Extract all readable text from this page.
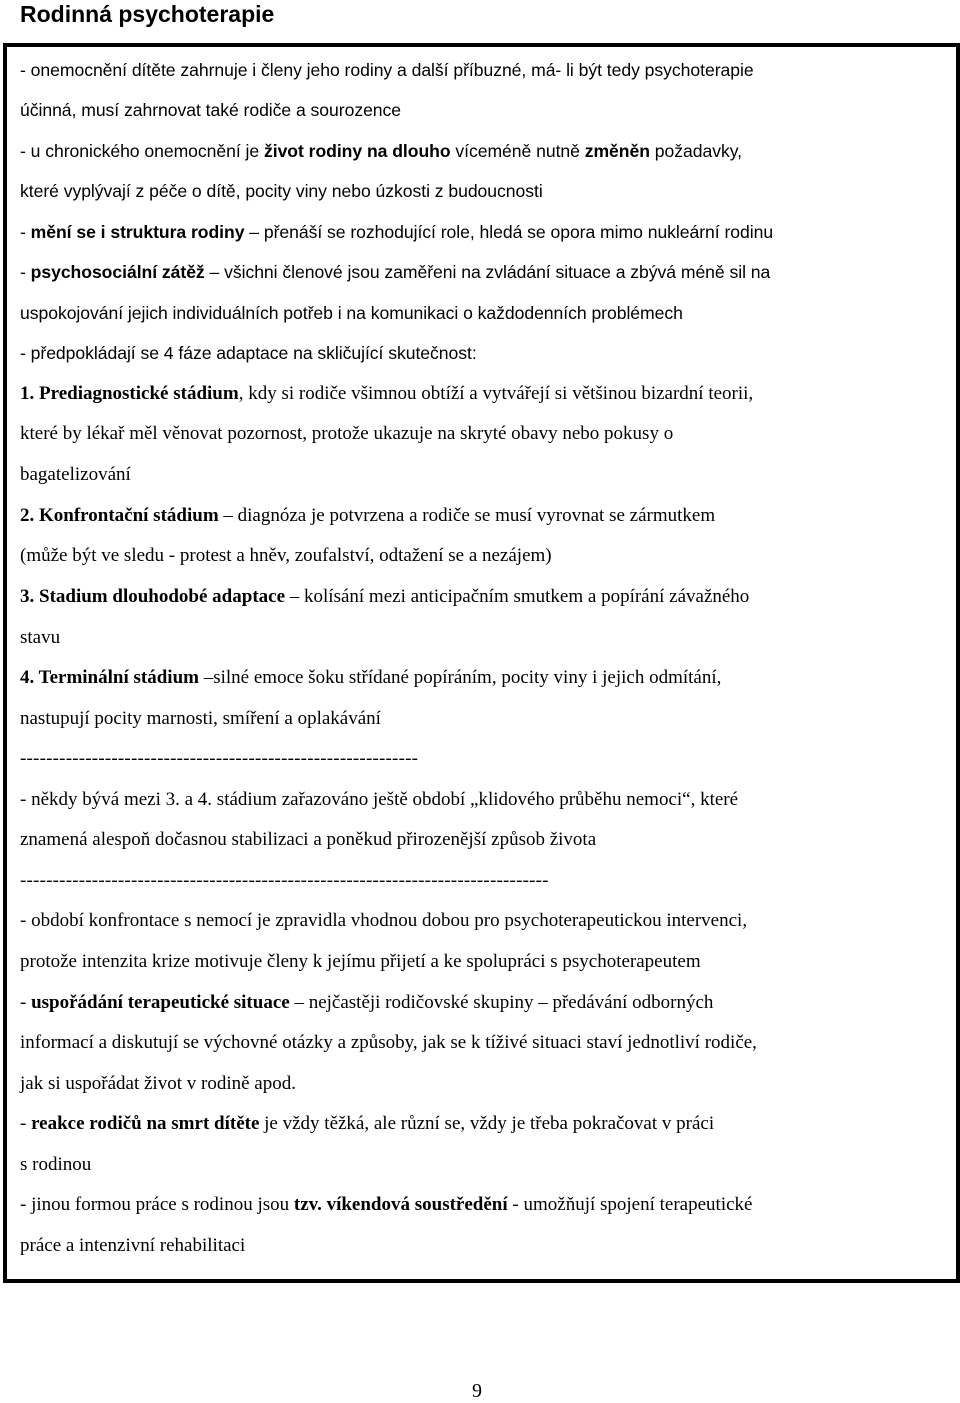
Rodinná psychoterapie
- onemocnění dítěte zahrnuje i členy jeho rodiny a další příbuzné, má- li být tedy psychoterapie
účinná, musí zahrnovat také rodiče a sourozence
- u chronického onemocnění je život rodiny na dlouho víceméně nutně změněn požadavky,
které vyplývají z péče o dítě, pocity viny nebo úzkosti z budoucnosti
- mění se i struktura rodiny – přenáší se rozhodující role, hledá se opora mimo nukleární rodinu
- psychosociální zátěž – všichni členové jsou zaměřeni na zvládání situace a zbývá méně sil na
uspokojování jejich individuálních potřeb i na komunikaci o každodenních problémech
- předpokládají se 4 fáze adaptace na skličující skutečnost:
1. Prediagnostické stádium, kdy si rodiče všimnou obtíží a vytvářejí si většinou bizardní teorii,
které by lékař měl věnovat pozornost, protože ukazuje na skryté obavy nebo pokusy o
bagatelizování
2. Konfrontační stádium – diagnóza je potvrzena a rodiče se musí vyrovnat se zármutkem
(může být ve sledu - protest a hněv, zoufalství, odtažení se a nezájem)
3. Stadium dlouhodobé adaptace – kolísání mezi anticipačním smutkem a popírání závažného
stavu
4. Terminální stádium –silné emoce šoku střídané popíráním, pocity viny i jejich odmítání,
nastupují pocity marnosti, smíření a oplakávání
-------------------------------------------------------------
- někdy bývá mezi 3. a 4. stádium zařazováno ještě období „klidového průběhu nemoci“, které
znamená alespoň dočasnou stabilizaci a poněkud přirozenější způsob života
---------------------------------------------------------------------------------
- období konfrontace s nemocí je zpravidla vhodnou dobou pro psychoterapeutickou intervenci,
protože intenzita krize motivuje členy k jejímu přijetí a ke spolupráci s psychoterapeutem
- uspořádání terapeutické situace – nejčastěji rodičovské skupiny – předávání odborných
informací a diskutují se výchovné otázky a způsoby, jak se k tíživé situaci staví jednotliví rodiče,
jak si uspořádat život v rodině apod.
- reakce rodičů na smrt dítěte je vždy těžká, ale různí se, vždy je třeba pokračovat v práci
s rodinou
- jinou formou práce s rodinou jsou tzv. víkendová soustředění - umožňují spojení terapeutické
práce a intenzivní rehabilitaci
9
